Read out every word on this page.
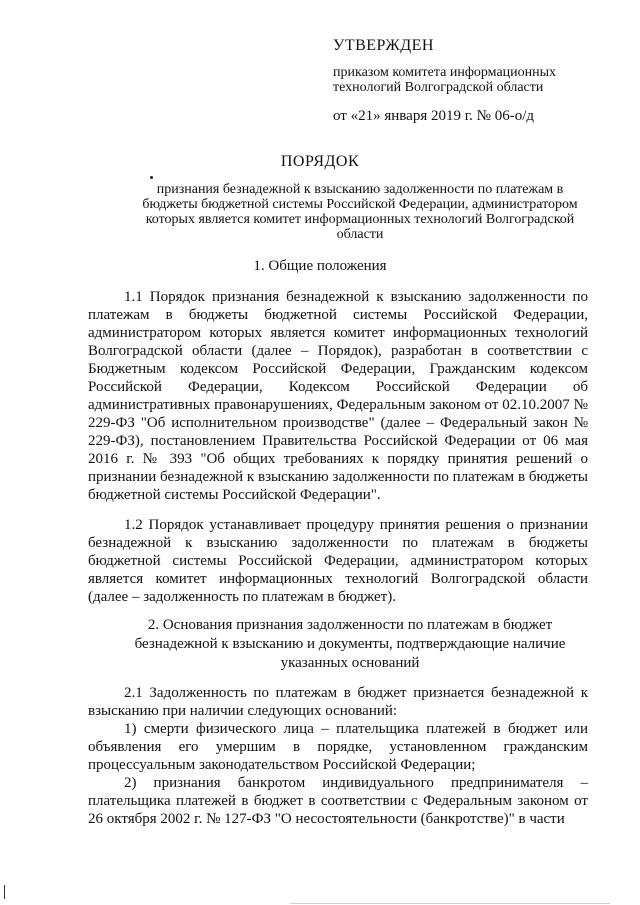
УТВЕРЖДЕН
приказом комитета информационных технологий Волгоградской области
от «21» января 2019 г. № 06-о/д
ПОРЯДОК
признания безнадежной к взысканию задолженности по платежам в бюджеты бюджетной системы Российской Федерации, администратором которых является комитет информационных технологий Волгоградской области
1. Общие положения
1.1 Порядок признания безнадежной к взысканию задолженности по платежам в бюджеты бюджетной системы Российской Федерации, администратором которых является комитет информационных технологий Волгоградской области (далее – Порядок), разработан в соответствии с Бюджетным кодексом Российской Федерации, Гражданским кодексом Российской Федерации, Кодексом Российской Федерации об административных правонарушениях, Федеральным законом от 02.10.2007 № 229-ФЗ "Об исполнительном производстве" (далее – Федеральный закон № 229-ФЗ), постановлением Правительства Российской Федерации от 06 мая 2016 г. № 393 "Об общих требованиях к порядку принятия решений о признании безнадежной к взысканию задолженности по платежам в бюджеты бюджетной системы Российской Федерации".
1.2 Порядок устанавливает процедуру принятия решения о признании безнадежной к взысканию задолженности по платежам в бюджеты бюджетной системы Российской Федерации, администратором которых является комитет информационных технологий Волгоградской области (далее – задолженность по платежам в бюджет).
2. Основания признания задолженности по платежам в бюджет безнадежной к взысканию и документы, подтверждающие наличие указанных оснований
2.1 Задолженность по платежам в бюджет признается безнадежной к взысканию при наличии следующих оснований:
1) смерти физического лица – плательщика платежей в бюджет или объявления его умершим в порядке, установленном гражданским процессуальным законодательством Российской Федерации;
2) признания банкротом индивидуального предпринимателя – плательщика платежей в бюджет в соответствии с Федеральным законом от 26 октября 2002 г. № 127-ФЗ "О несостоятельности (банкротстве)" в части
